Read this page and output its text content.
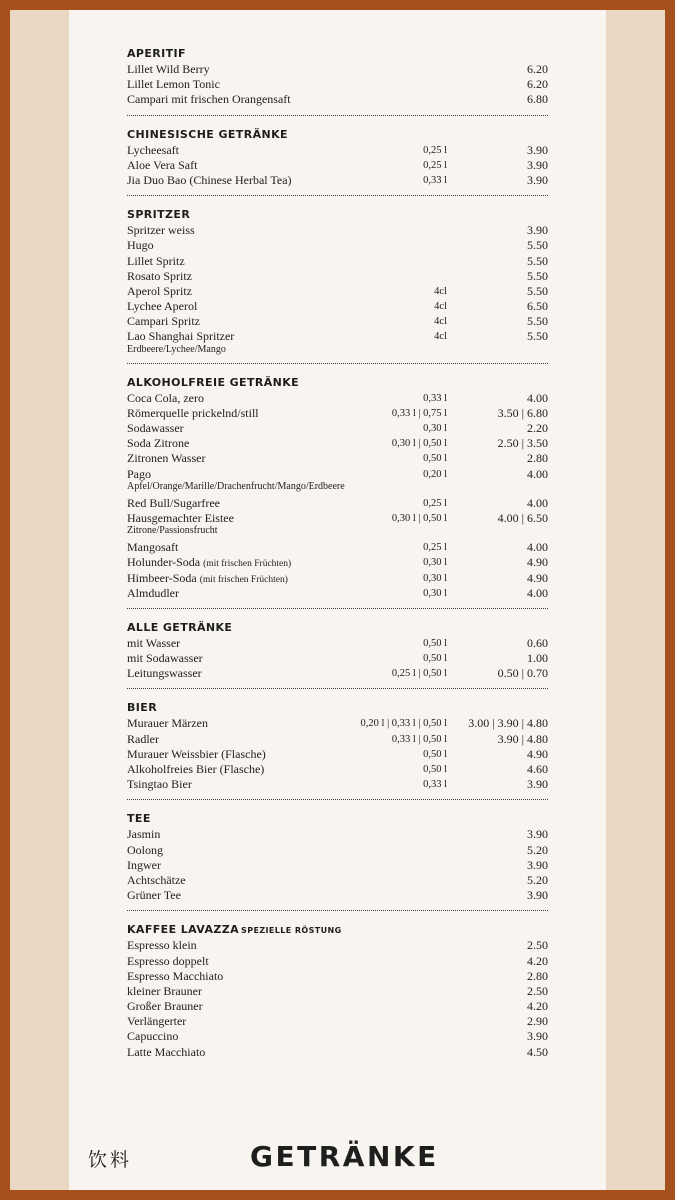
APERITIF
Lillet Wild Berry	6.20
Lillet Lemon Tonic	6.20
Campari mit frischen Orangensaft	6.80
CHINESISCHE GETRÄNKE
Lycheesaft	0,25 l	3.90
Aloe Vera Saft	0,25 l	3.90
Jia Duo Bao (Chinese Herbal Tea)	0,33 l	3.90
SPRITZER
Spritzer weiss	3.90
Hugo	5.50
Lillet Spritz	5.50
Rosato Spritz	5.50
Aperol Spritz	4cl	5.50
Lychee Aperol	4cl	6.50
Campari Spritz	4cl	5.50
Lao Shanghai Spritzer	4cl	5.50
Erdbeere/Lychee/Mango
ALKOHOLFREIE GETRÄNKE
Coca Cola, zero	0,33 l	4.00
Römerquelle prickelnd/still	0,33 l | 0,75 l	3.50 | 6.80
Sodawasser	0,30 l	2.20
Soda Zitrone	0,30 l | 0,50 l	2.50 | 3.50
Zitronen Wasser	0,50 l	2.80
Pago	0,20 l	4.00
Apfel/Orange/Marille/Drachenfrucht/Mango/Erdbeere
Red Bull/Sugarfree	0,25 l	4.00
Hausgemachter Eistee	0,30 l | 0,50 l	4.00 | 6.50
Zitrone/Passionsfrucht
Mangosaft	0,25 l	4.00
Holunder-Soda (mit frischen Früchten)	0,30 l	4.90
Himbeer-Soda (mit frischen Früchten)	0,30 l	4.90
Almdudler	0,30 l	4.00
ALLE GETRÄNKE
mit Wasser	0,50 l	0.60
mit Sodawasser	0,50 l	1.00
Leitungswasser	0,25 l | 0,50 l	0.50 | 0.70
BIER
Murauer Märzen	0,20 l | 0,33 l | 0,50 l 3.00 | 3.90 | 4.80
Radler	0,33 l | 0,50 l	3.90 | 4.80
Murauer Weissbier (Flasche)	0,50 l	4.90
Alkoholfreies Bier (Flasche)	0,50 l	4.60
Tsingtao Bier	0,33 l	3.90
TEE
Jasmin	3.90
Oolong	5.20
Ingwer	3.90
Achtschätze	5.20
Grüner Tee	3.90
KAFFEE LAVAZZA SPEZIELLE RÖSTUNG
Espresso klein	2.50
Espresso doppelt	4.20
Espresso Macchiato	2.80
kleiner Brauner	2.50
Großer Brauner	4.20
Verlängerter	2.90
Capuccino	3.90
Latte Macchiato	4.50
饮料	GETRÄNKE
